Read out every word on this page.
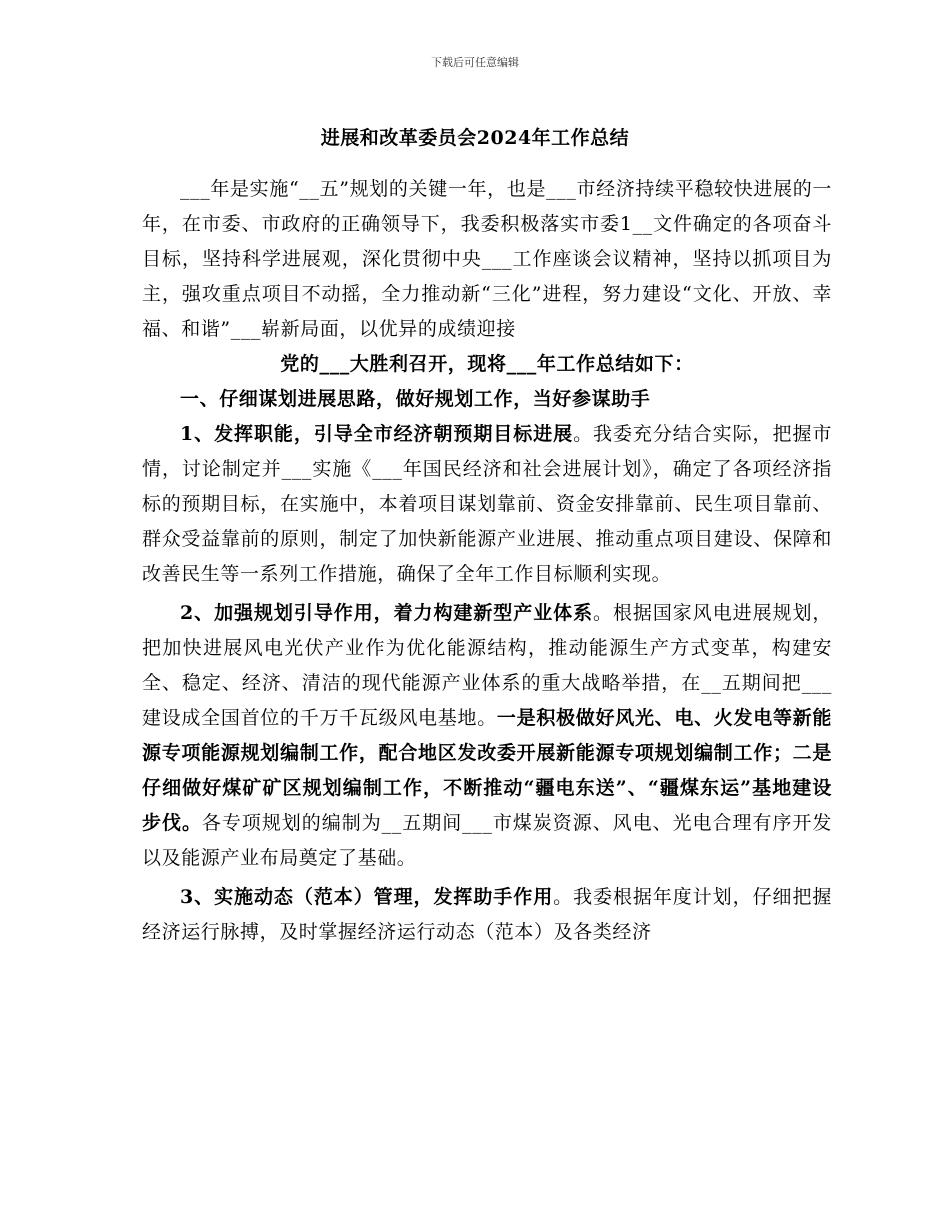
下载后可任意编辑
进展和改革委员会2024年工作总结

___年是实施“__五”规划的关键一年，也是___市经济持续平稳较快进展的一年，在市委、市政府的正确领导下，我委积极落实市委1__文件确定的各项奋斗目标，坚持科学进展观，深化贯彻中央___工作座谈会议精神，坚持以抓项目为主，强攻重点项目不动摇，全力推动新“三化”进程，努力建设“文化、开放、幸福、和谐”___崭新局面，以优异的成绩迎接

党的___大胜利召开，现将___年工作总结如下：

一、仔细谋划进展思路，做好规划工作，当好参谋助手

1、发挥职能，引导全市经济朝预期目标进展。我委充分结合实际，把握市情，讨论制定并___实施《___年国民经济和社会进展计划》，确定了各项经济指标的预期目标，在实施中，本着项目谋划靠前、资金安排靠前、民生项目靠前、群众受益靠前的原则，制定了加快新能源产业进展、推动重点项目建设、保障和改善民生等一系列工作措施，确保了全年工作目标顺利实现。

2、加强规划引导作用，着力构建新型产业体系。根据国家风电进展规划，把加快进展风电光伏产业作为优化能源结构，推动能源生产方式变革，构建安全、稳定、经济、清洁的现代能源产业体系的重大战略举措，在__五期间把___建设成全国首位的千万千瓦级风电基地。一是积极做好风光、电、火发电等新能源专项能源规划编制工作，配合地区发改委开展新能源专项规划编制工作；二是仔细做好煤矿矿区规划编制工作，不断推动“疆电东送”、“疆煤东运”基地建设步伐。各专项规划的编制为__五期间___市煤炭资源、风电、光电合理有序开发以及能源产业布局奠定了基础。

3、实施动态（范本）管理，发挥助手作用。我委根据年度计划，仔细把握经济运行脉搏，及时掌握经济运行动态（范本）及各类经济
